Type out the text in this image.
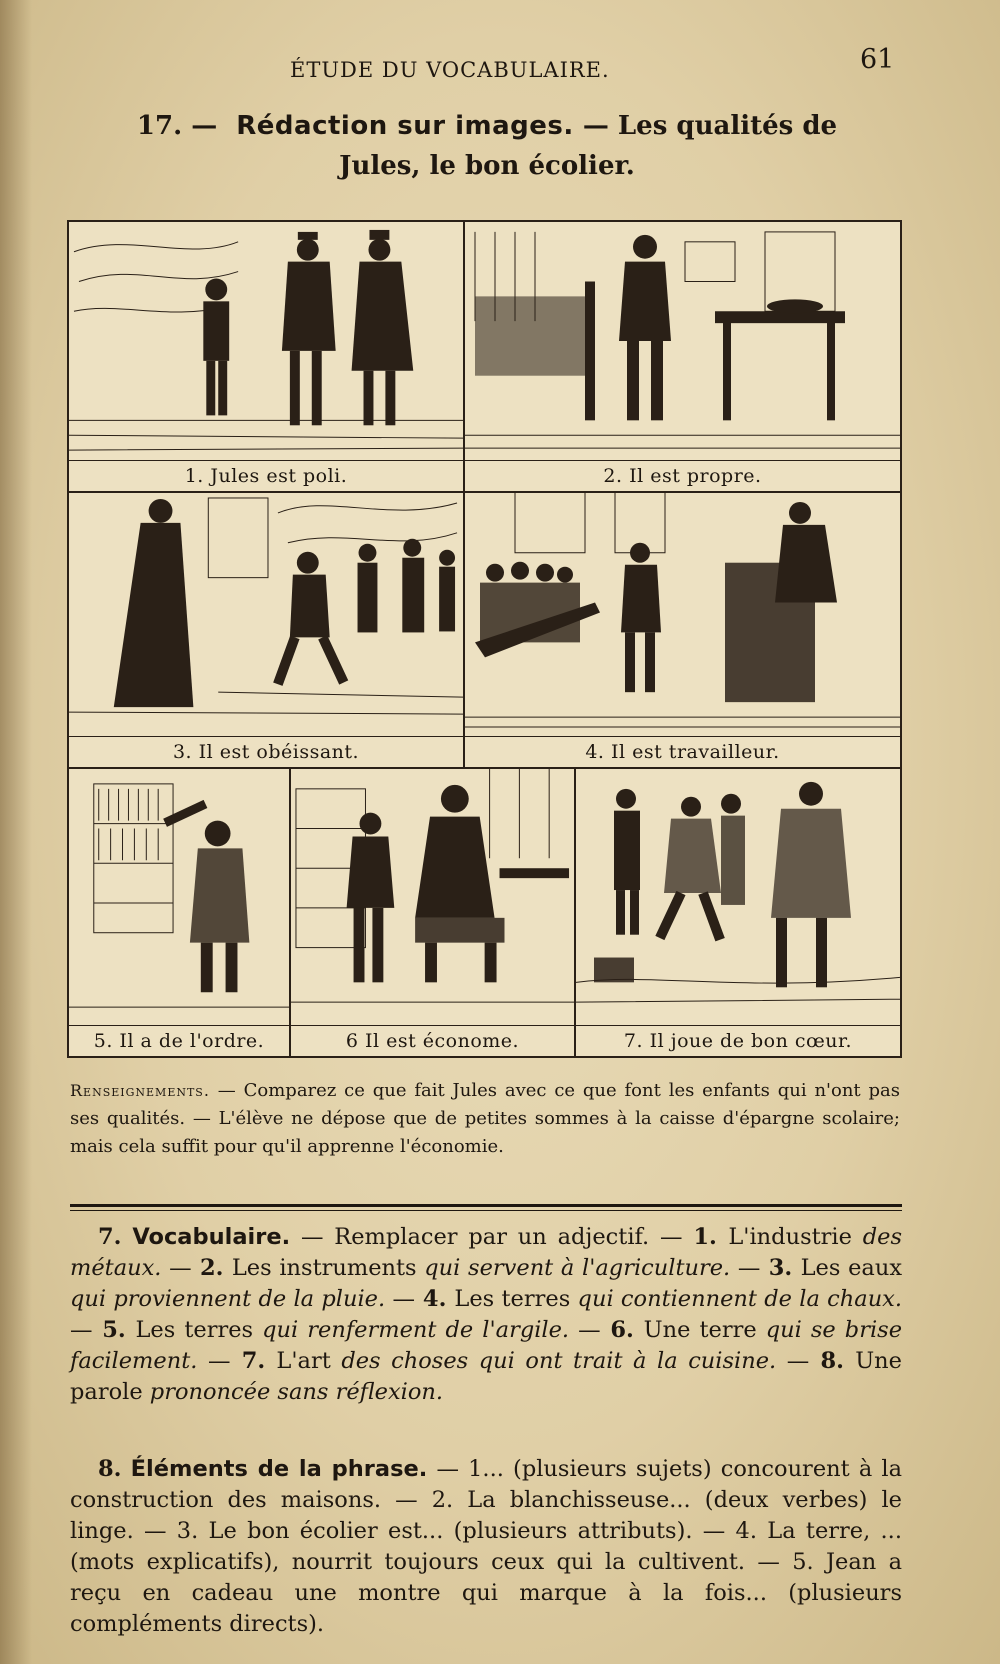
ÉTUDE DU VOCABULAIRE.	61
17. — Rédaction sur images. — Les qualités de
Jules, le bon écolier.
1. Jules est poli.	2. Il est propre.
3. Il est obéissant.	4. Il est travailleur.
5. Il a de l'ordre.	6 Il est économe.	7. Il joue de bon cœur.
Renseignements. — Comparez ce que fait Jules avec ce que font les enfants qui n'ont pas ses qualités. — L'élève ne dépose que de petites sommes à la caisse d'épargne scolaire; mais cela suffit pour qu'il apprenne l'économie.
7. Vocabulaire. — Remplacer par un adjectif. — 1. L'industrie des métaux. — 2. Les instruments qui servent à l'agriculture. — 3. Les eaux qui proviennent de la pluie. — 4. Les terres qui contiennent de la chaux. — 5. Les terres qui renferment de l'argile. — 6. Une terre qui se brise facilement. — 7. L'art des choses qui ont trait à la cuisine. — 8. Une parole prononcée sans réflexion.
8. Éléments de la phrase. — 1... (plusieurs sujets) concourent à la construction des maisons. — 2. La blanchisseuse... (deux verbes) le linge. — 3. Le bon écolier est... (plusieurs attributs). — 4. La terre, ... (mots explicatifs), nourrit toujours ceux qui la cultivent. — 5. Jean a reçu en cadeau une montre qui marque à la fois... (plusieurs compléments directs).
